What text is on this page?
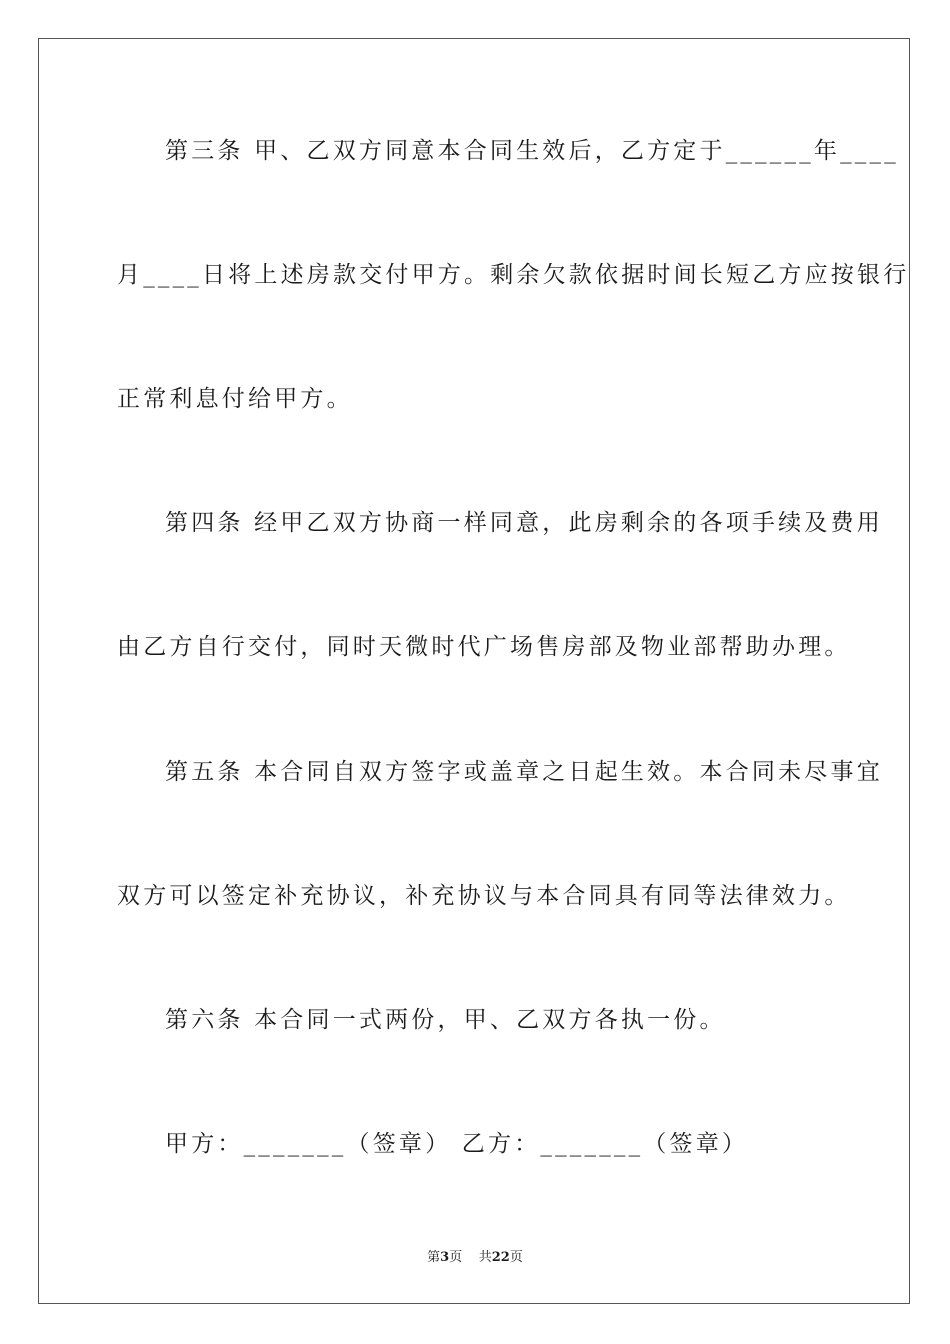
第三条 甲、乙双方同意本合同生效后，乙方定于______年____
月____日将上述房款交付甲方。剩余欠款依据时间长短乙方应按银行
正常利息付给甲方。
第四条 经甲乙双方协商一样同意，此房剩余的各项手续及费用
由乙方自行交付，同时天微时代广场售房部及物业部帮助办理。
第五条 本合同自双方签字或盖章之日起生效。本合同未尽事宜
双方可以签定补充协议，补充协议与本合同具有同等法律效力。
第六条 本合同一式两份，甲、乙双方各执一份。
甲方：_______（签章） 乙方：_______（签章）
第3页 共22页
